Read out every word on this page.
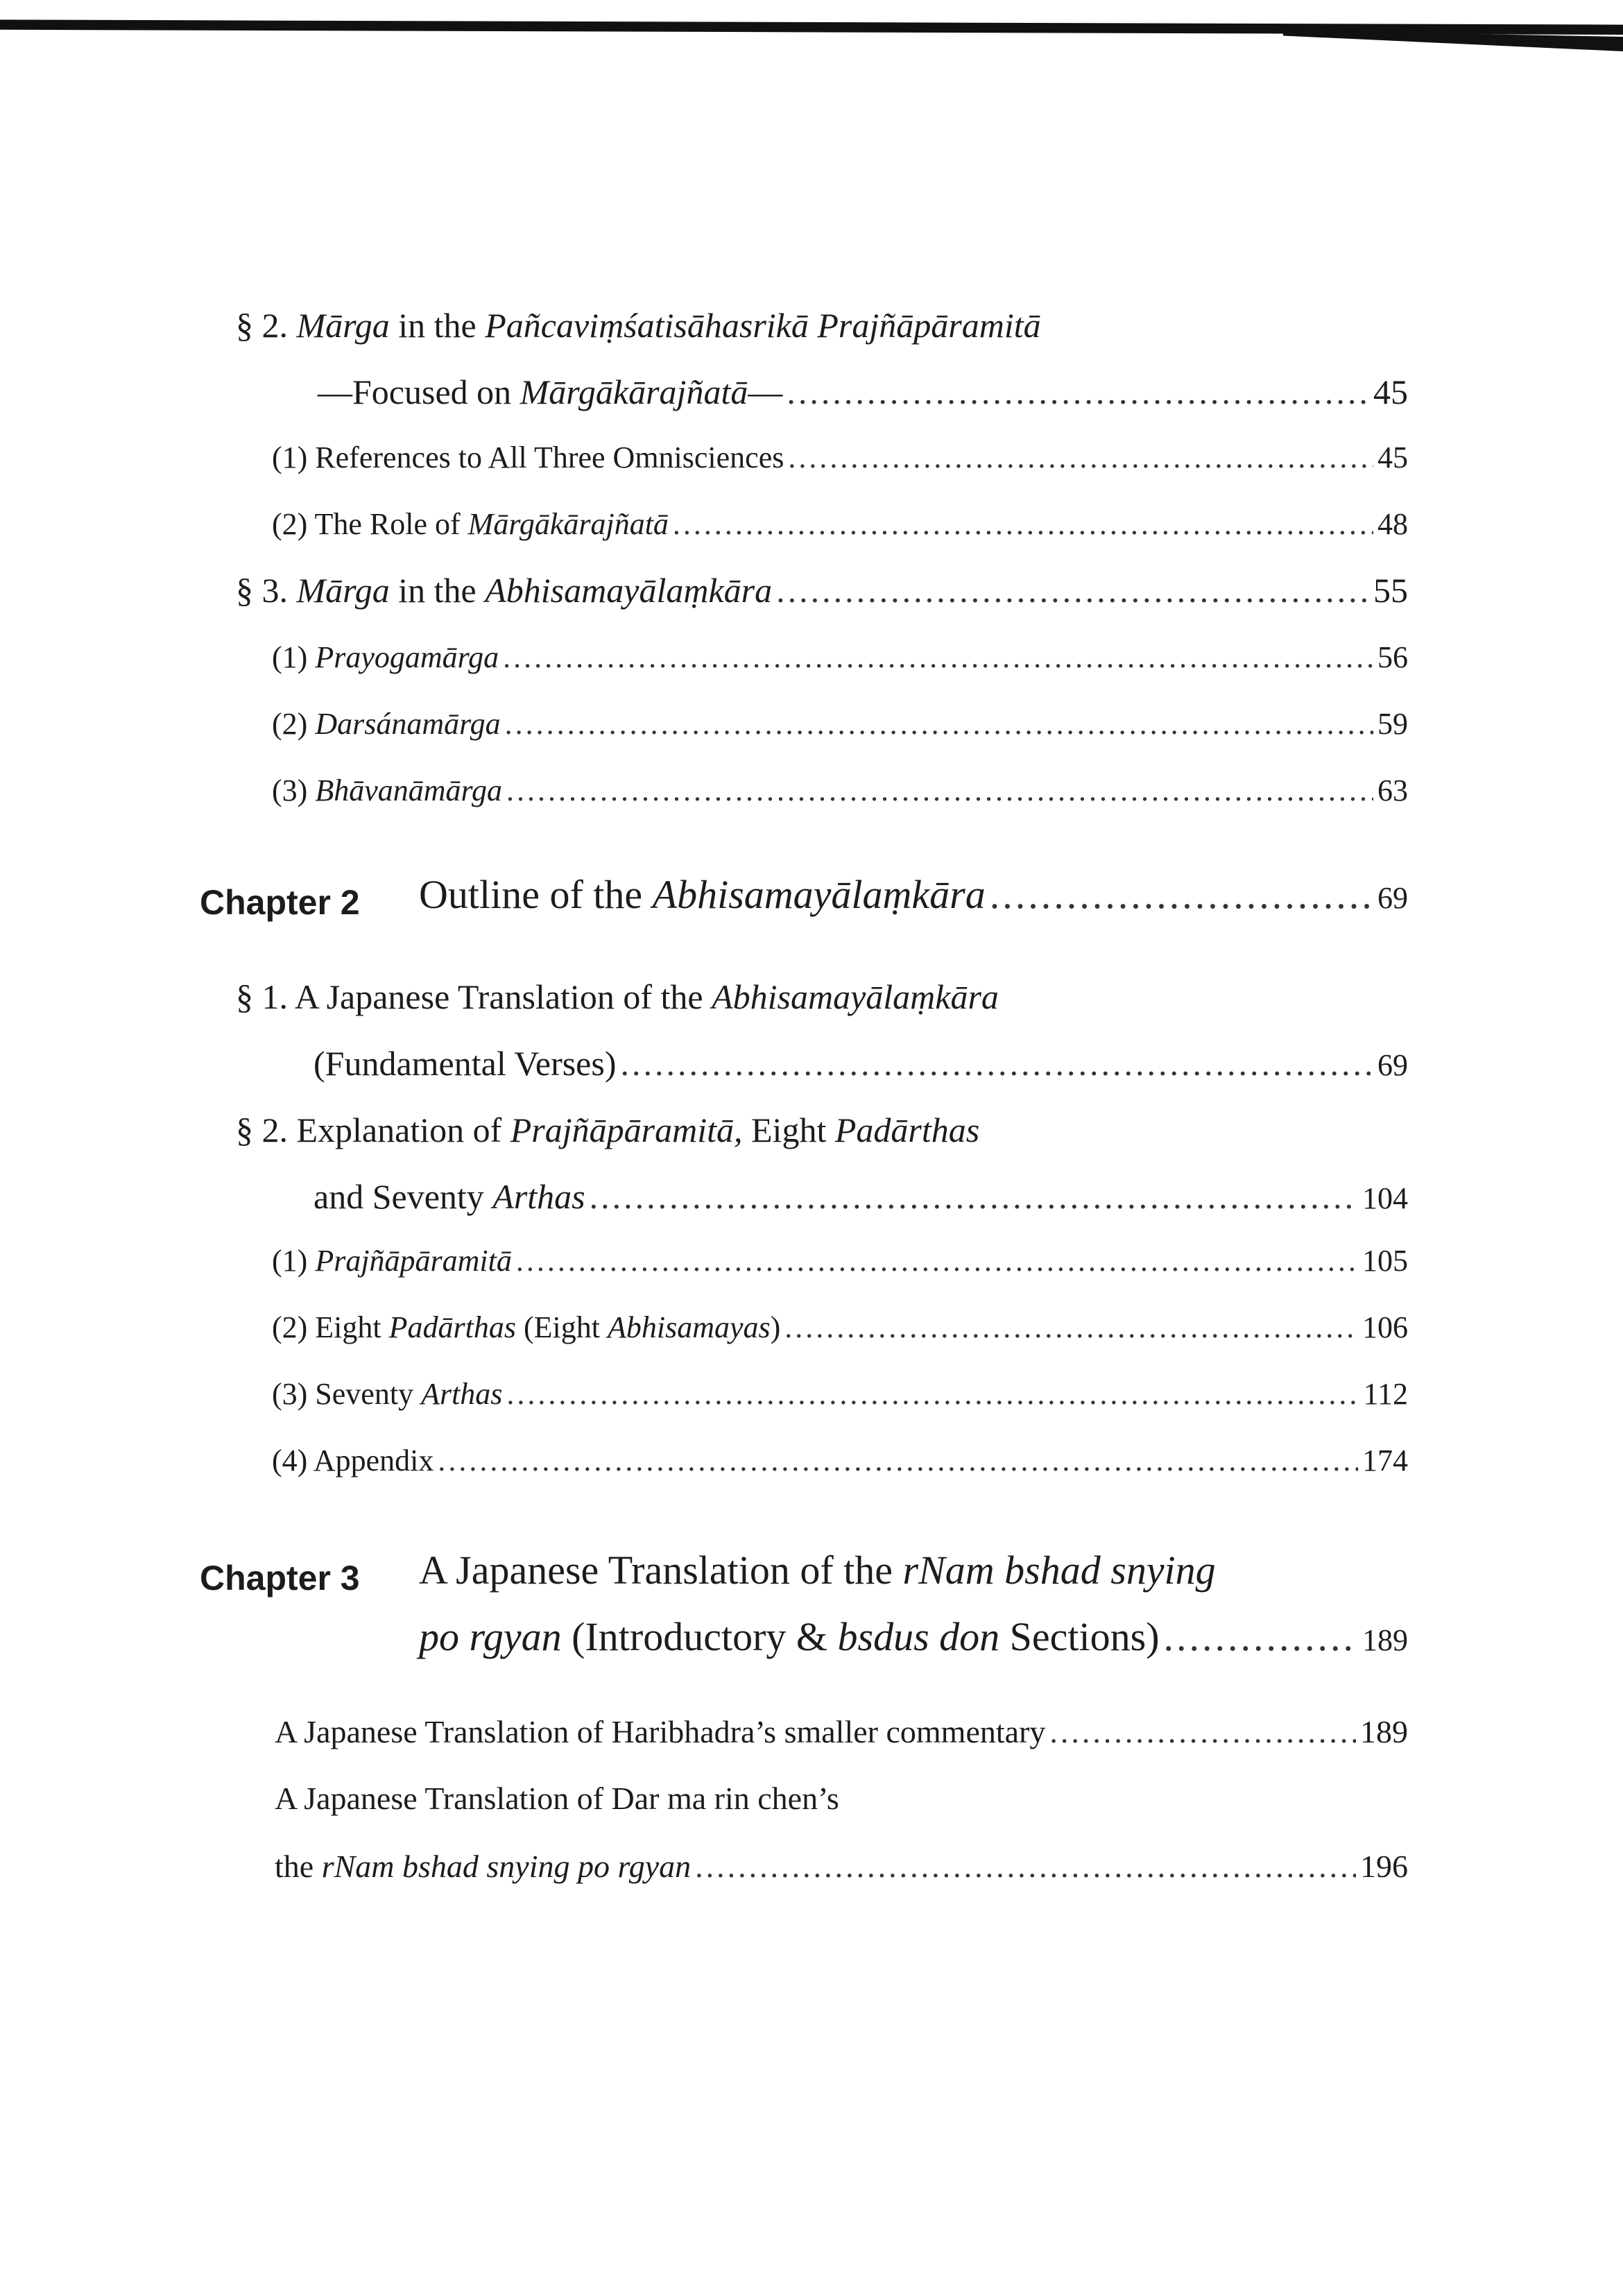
§ 2. Mārga in the Pañcaviṃśatisāhasrikā Prajñāpāramitā
—Focused on Mārgākārajñatā— .....	45
(1) References to All Three Omnisciences .....	45
(2) The Role of Mārgākārajñatā .....	48
§ 3. Mārga in the Abhisamayālaṃkāra .....	55
(1) Prayogamārga .....	56
(2) Darsánamārga .....	59
(3) Bhāvanāmārga .....	63
Chapter 2 Outline of the Abhisamayālaṃkāra .....	69
§ 1. A Japanese Translation of the Abhisamayālaṃkāra
(Fundamental Verses) .....	69
§ 2. Explanation of Prajñāpāramitā, Eight Padārthas
and Seventy Arthas .....	104
(1) Prajñāpāramitā .....	105
(2) Eight Padārthas (Eight Abhisamayas) .....	106
(3) Seventy Arthas .....	112
(4) Appendix .....	174
Chapter 3 A Japanese Translation of the rNam bshad snying
po rgyan (Introductory & bsdus don Sections) .....	189
A Japanese Translation of Haribhadra’s smaller commentary .....	189
A Japanese Translation of Dar ma rin chen’s
the rNam bshad snying po rgyan .....	196
